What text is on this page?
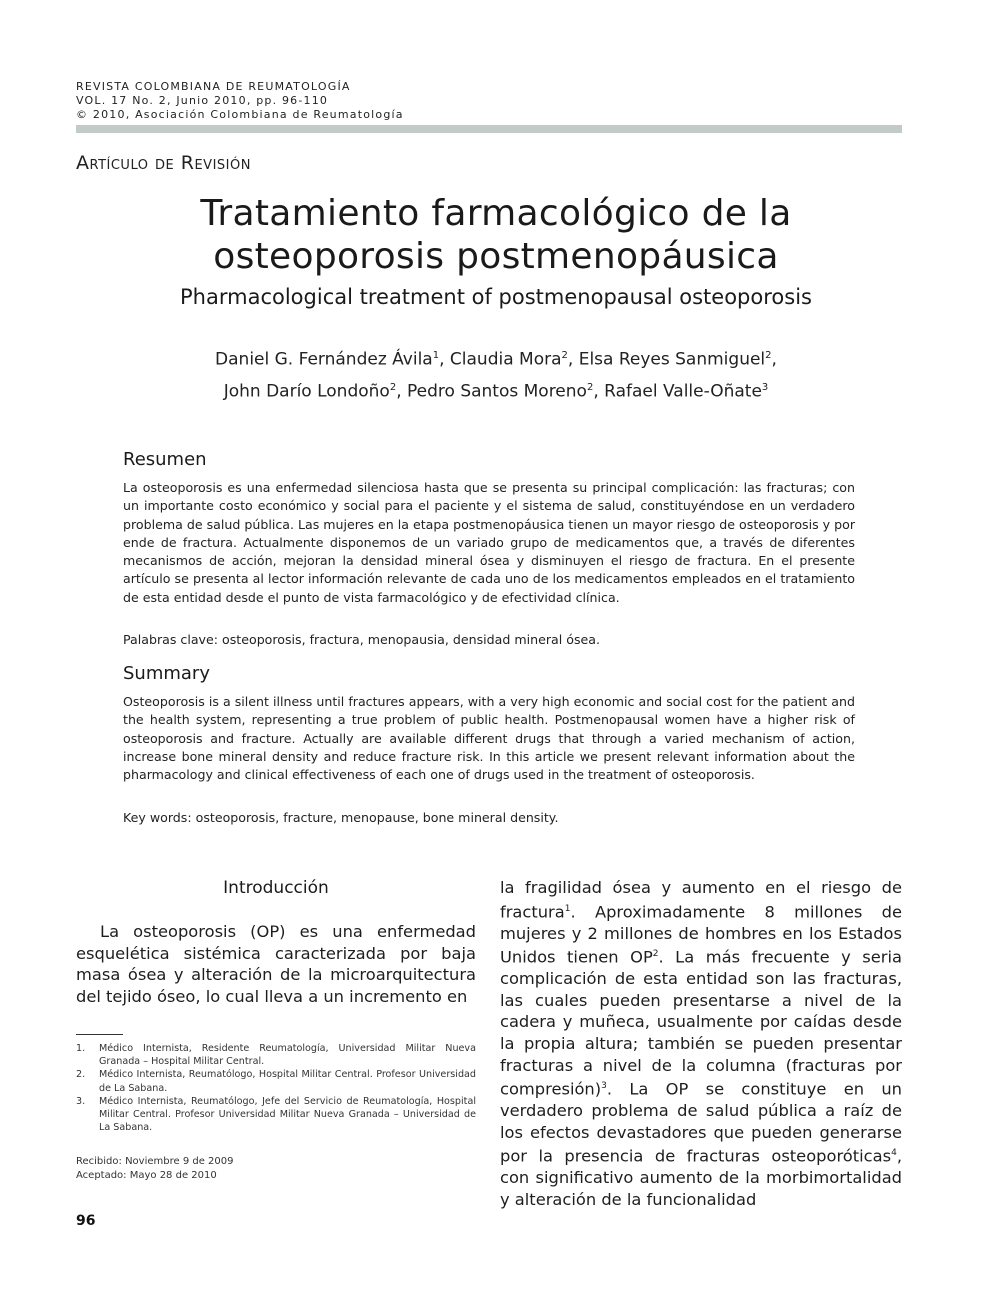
REVISTA COLOMBIANA DE REUMATOLOGÍA
VOL. 17 No. 2, Junio 2010, pp. 96-110
© 2010, Asociación Colombiana de Reumatología
Artículo de Revisión
Tratamiento farmacológico de la
osteoporosis postmenopáusica
Pharmacological treatment of postmenopausal osteoporosis
Daniel G. Fernández Ávila$^1$, Claudia Mora$^2$, Elsa Reyes Sanmiguel$^2$,
John Darío Londoño$^2$, Pedro Santos Moreno$^2$, Rafael Valle-Oñate$^3$
Resumen
La osteoporosis es una enfermedad silenciosa hasta que se presenta su principal complicación: las fracturas; con un importante costo económico y social para el paciente y el sistema de salud, constituyéndose en un verdadero problema de salud pública. Las mujeres en la etapa postmenopáusica tienen un mayor riesgo de osteoporosis y por ende de fractura. Actualmente disponemos de un variado grupo de medicamentos que, a través de diferentes mecanismos de acción, mejoran la densidad mineral ósea y disminuyen el riesgo de fractura. En el presente artículo se presenta al lector información relevante de cada uno de los medicamentos empleados en el tratamiento de esta entidad desde el punto de vista farmacológico y de efectividad clínica.
Palabras clave: osteoporosis, fractura, menopausia, densidad mineral ósea.
Summary
Osteoporosis is a silent illness until fractures appears, with a very high economic and social cost for the patient and the health system, representing a true problem of public health. Postmenopausal women have a higher risk of osteoporosis and fracture. Actually are available different drugs that through a varied mechanism of action, increase bone mineral density and reduce fracture risk. In this article we present relevant information about the pharmacology and clinical effectiveness of each one of drugs used in the treatment of osteoporosis.
Key words: osteoporosis, fracture, menopause, bone mineral density.
Introducción

La osteoporosis (OP) es una enfermedad esquelética sistémica caracterizada por baja masa ósea y alteración de la microarquitectura del tejido óseo, lo cual lleva a un incremento en

1.	Médico Internista, Residente Reumatología, Universidad Militar Nueva Granada – Hospital Militar Central.
2.	Médico Internista, Reumatólogo, Hospital Militar Central. Profesor Universidad de La Sabana.
3.	Médico Internista, Reumatólogo, Jefe del Servicio de Reumatología, Hospital Militar Central. Profesor Universidad Militar Nueva Granada – Universidad de La Sabana.
Recibido: Noviembre 9 de 2009
Aceptado: Mayo 28 de 2010

la fragilidad ósea y aumento en el riesgo de fractura$^1$. Aproximadamente 8 millones de mujeres y 2 millones de hombres en los Estados Unidos tienen $OP^2$. La más frecuente y seria complicación de esta entidad son las fracturas, las cuales pueden presentarse a nivel de la cadera y muñeca, usualmente por caídas desde la propia altura; también se pueden presentar fracturas a nivel de la columna (fracturas por compresión)$^3$. La OP se constituye en un verdadero problema de salud pública a raíz de los efectos devastadores que pueden generarse por la presencia de fracturas osteoporóticas$^4$, con significativo aumento de la morbimortalidad y alteración de la funcionalidad

96
